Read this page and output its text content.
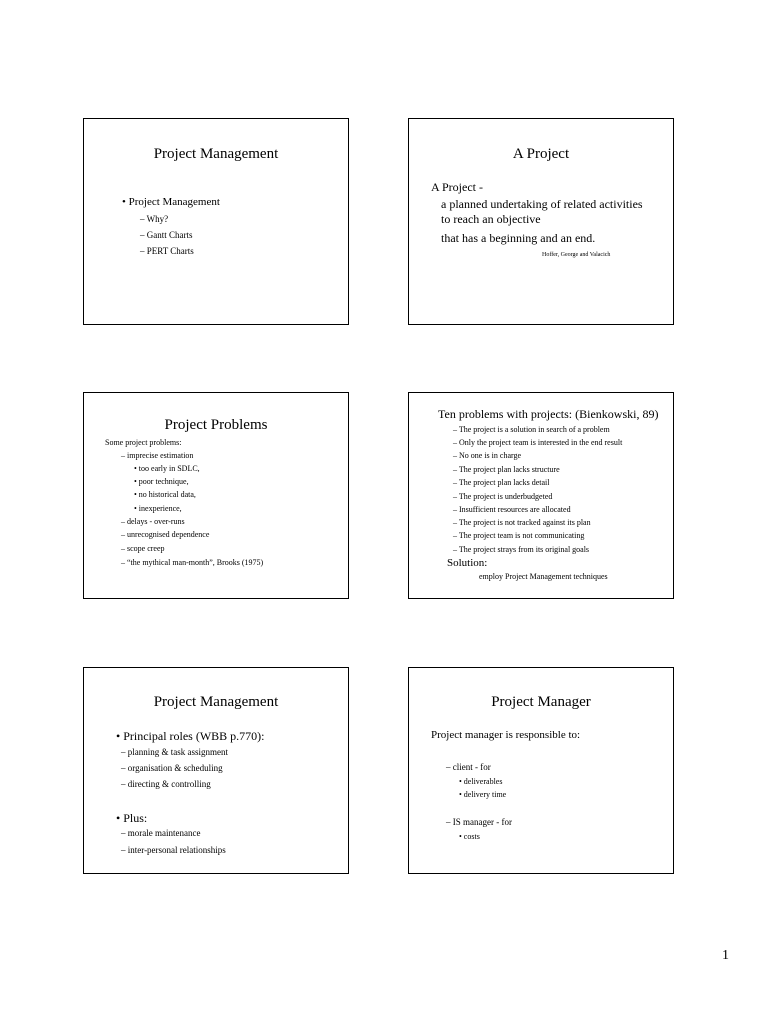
Project Management
• Project Management
– Why?
– Gantt Charts
– PERT Charts
A Project
A Project -
a planned undertaking of related activities
to reach an objective
that has a beginning and an end.
Hoffer, George and Valacich
Project Problems
Some project problems:
– imprecise estimation
• too early in SDLC,
• poor technique,
• no historical data,
• inexperience,
– delays - over-runs
– unrecognised dependence
– scope creep
– “the mythical man-month”, Brooks (1975)
Ten problems with projects: (Bienkowski, 89)
– The project is a solution in search of a problem
– Only the project team is interested in the end result
– No one is in charge
– The project plan lacks structure
– The project plan lacks detail
– The project is underbudgeted
– Insufficient resources are allocated
– The project is not tracked against its plan
– The project team is not communicating
– The project strays from its original goals
Solution:
employ Project Management techniques
Project Management
• Principal roles (WBB p.770):
– planning & task assignment
– organisation & scheduling
– directing & controlling
• Plus:
– morale maintenance
– inter-personal relationships
Project Manager
Project manager is responsible to:
– client - for
• deliverables
• delivery time
– IS manager - for
• costs
1
